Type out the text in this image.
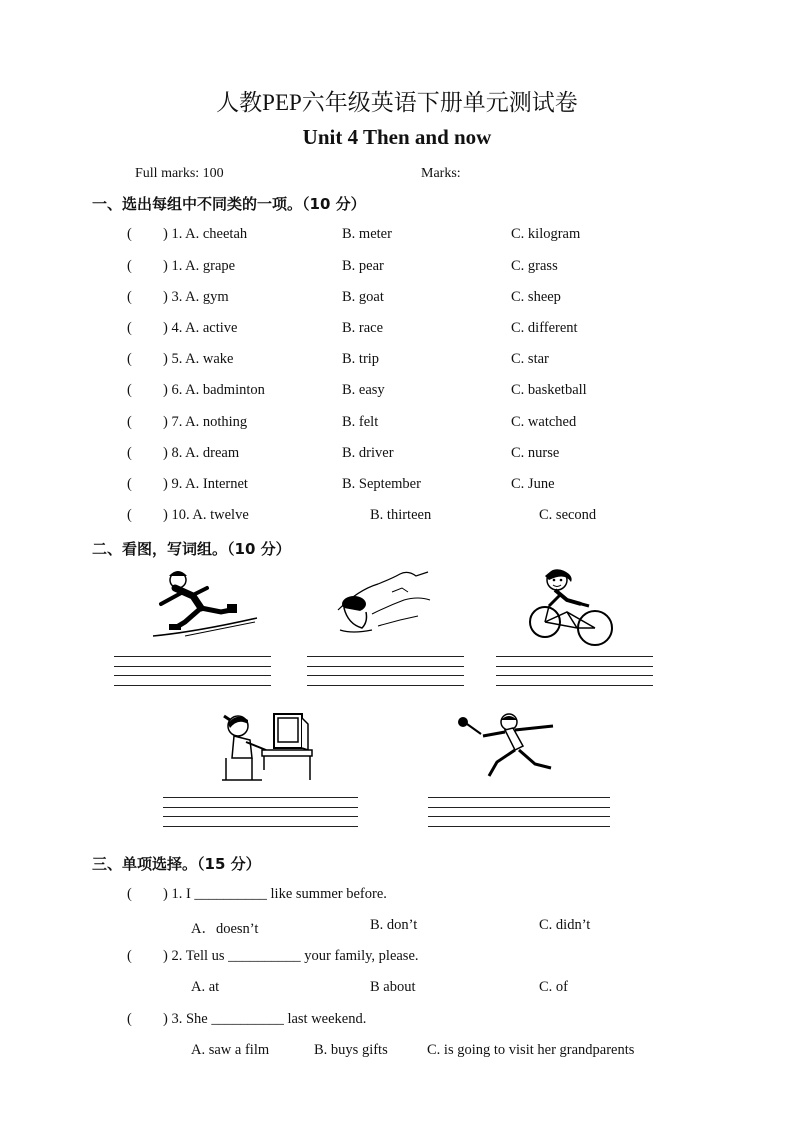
人教PEP六年级英语下册单元测试卷
Unit 4 Then and now
Full marks: 100	Marks:
一、选出每组中不同类的一项。（10 分）
( ) 1. A. cheetah	B. meter	C. kilogram
( ) 1. A. grape	B. pear	C. grass
( ) 3. A. gym	B. goat	C. sheep
( ) 4. A. active	B. race	C. different
( ) 5. A. wake	B. trip	C. star
( ) 6. A. badminton	B. easy	C. basketball
( ) 7. A. nothing	B. felt	C. watched
( ) 8. A. dream	B. driver	C. nurse
( ) 9. A. Internet	B. September	C. June
( ) 10. A. twelve	B. thirteen	C. second
二、看图，写词组。（10 分）
三、单项选择。（15 分）
( ) 1. I __________ like summer before.
A．doesn’t	B. don’t	C. didn’t
( ) 2. Tell us __________ your family, please.
A. at	B about	C. of
( ) 3. She __________ last weekend.
A. saw a film	B. buys gifts	C. is going to visit her grandparents
